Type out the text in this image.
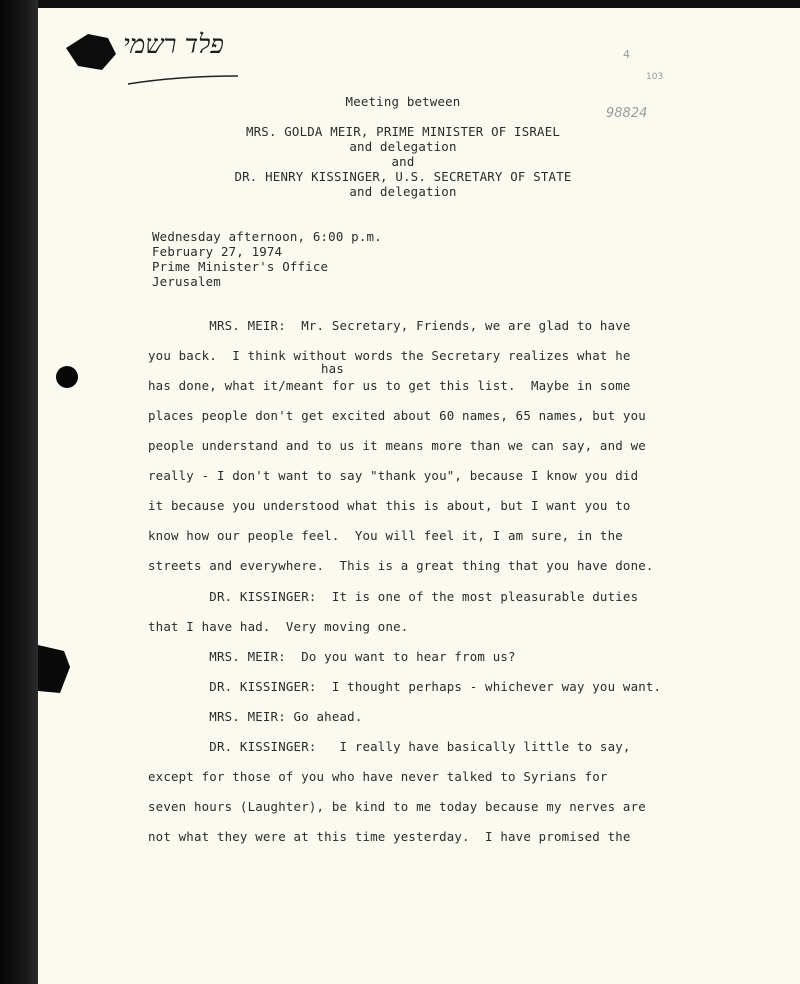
פלד רשמי	4
103
98824
Meeting between
MRS. GOLDA MEIR, PRIME MINISTER OF ISRAEL
and delegation
and
DR. HENRY KISSINGER, U.S. SECRETARY OF STATE
and delegation
Wednesday afternoon, 6:00 p.m.
February 27, 1974
Prime Minister's Office
Jerusalem
has
MRS. MEIR:  Mr. Secretary, Friends, we are glad to have
you back.  I think without words the Secretary realizes what he
has done, what it/meant for us to get this list.  Maybe in some
places people don't get excited about 60 names, 65 names, but you
people understand and to us it means more than we can say, and we
really - I don't want to say "thank you", because I know you did
it because you understood what this is about, but I want you to
know how our people feel.  You will feel it, I am sure, in the
streets and everywhere.  This is a great thing that you have done.
DR. KISSINGER:  It is one of the most pleasurable duties
that I have had.  Very moving one.
MRS. MEIR:  Do you want to hear from us?
DR. KISSINGER:  I thought perhaps - whichever way you want.
MRS. MEIR: Go ahead.
DR. KISSINGER:   I really have basically little to say,
except for those of you who have never talked to Syrians for
seven hours (Laughter), be kind to me today because my nerves are
not what they were at this time yesterday.  I have promised the
